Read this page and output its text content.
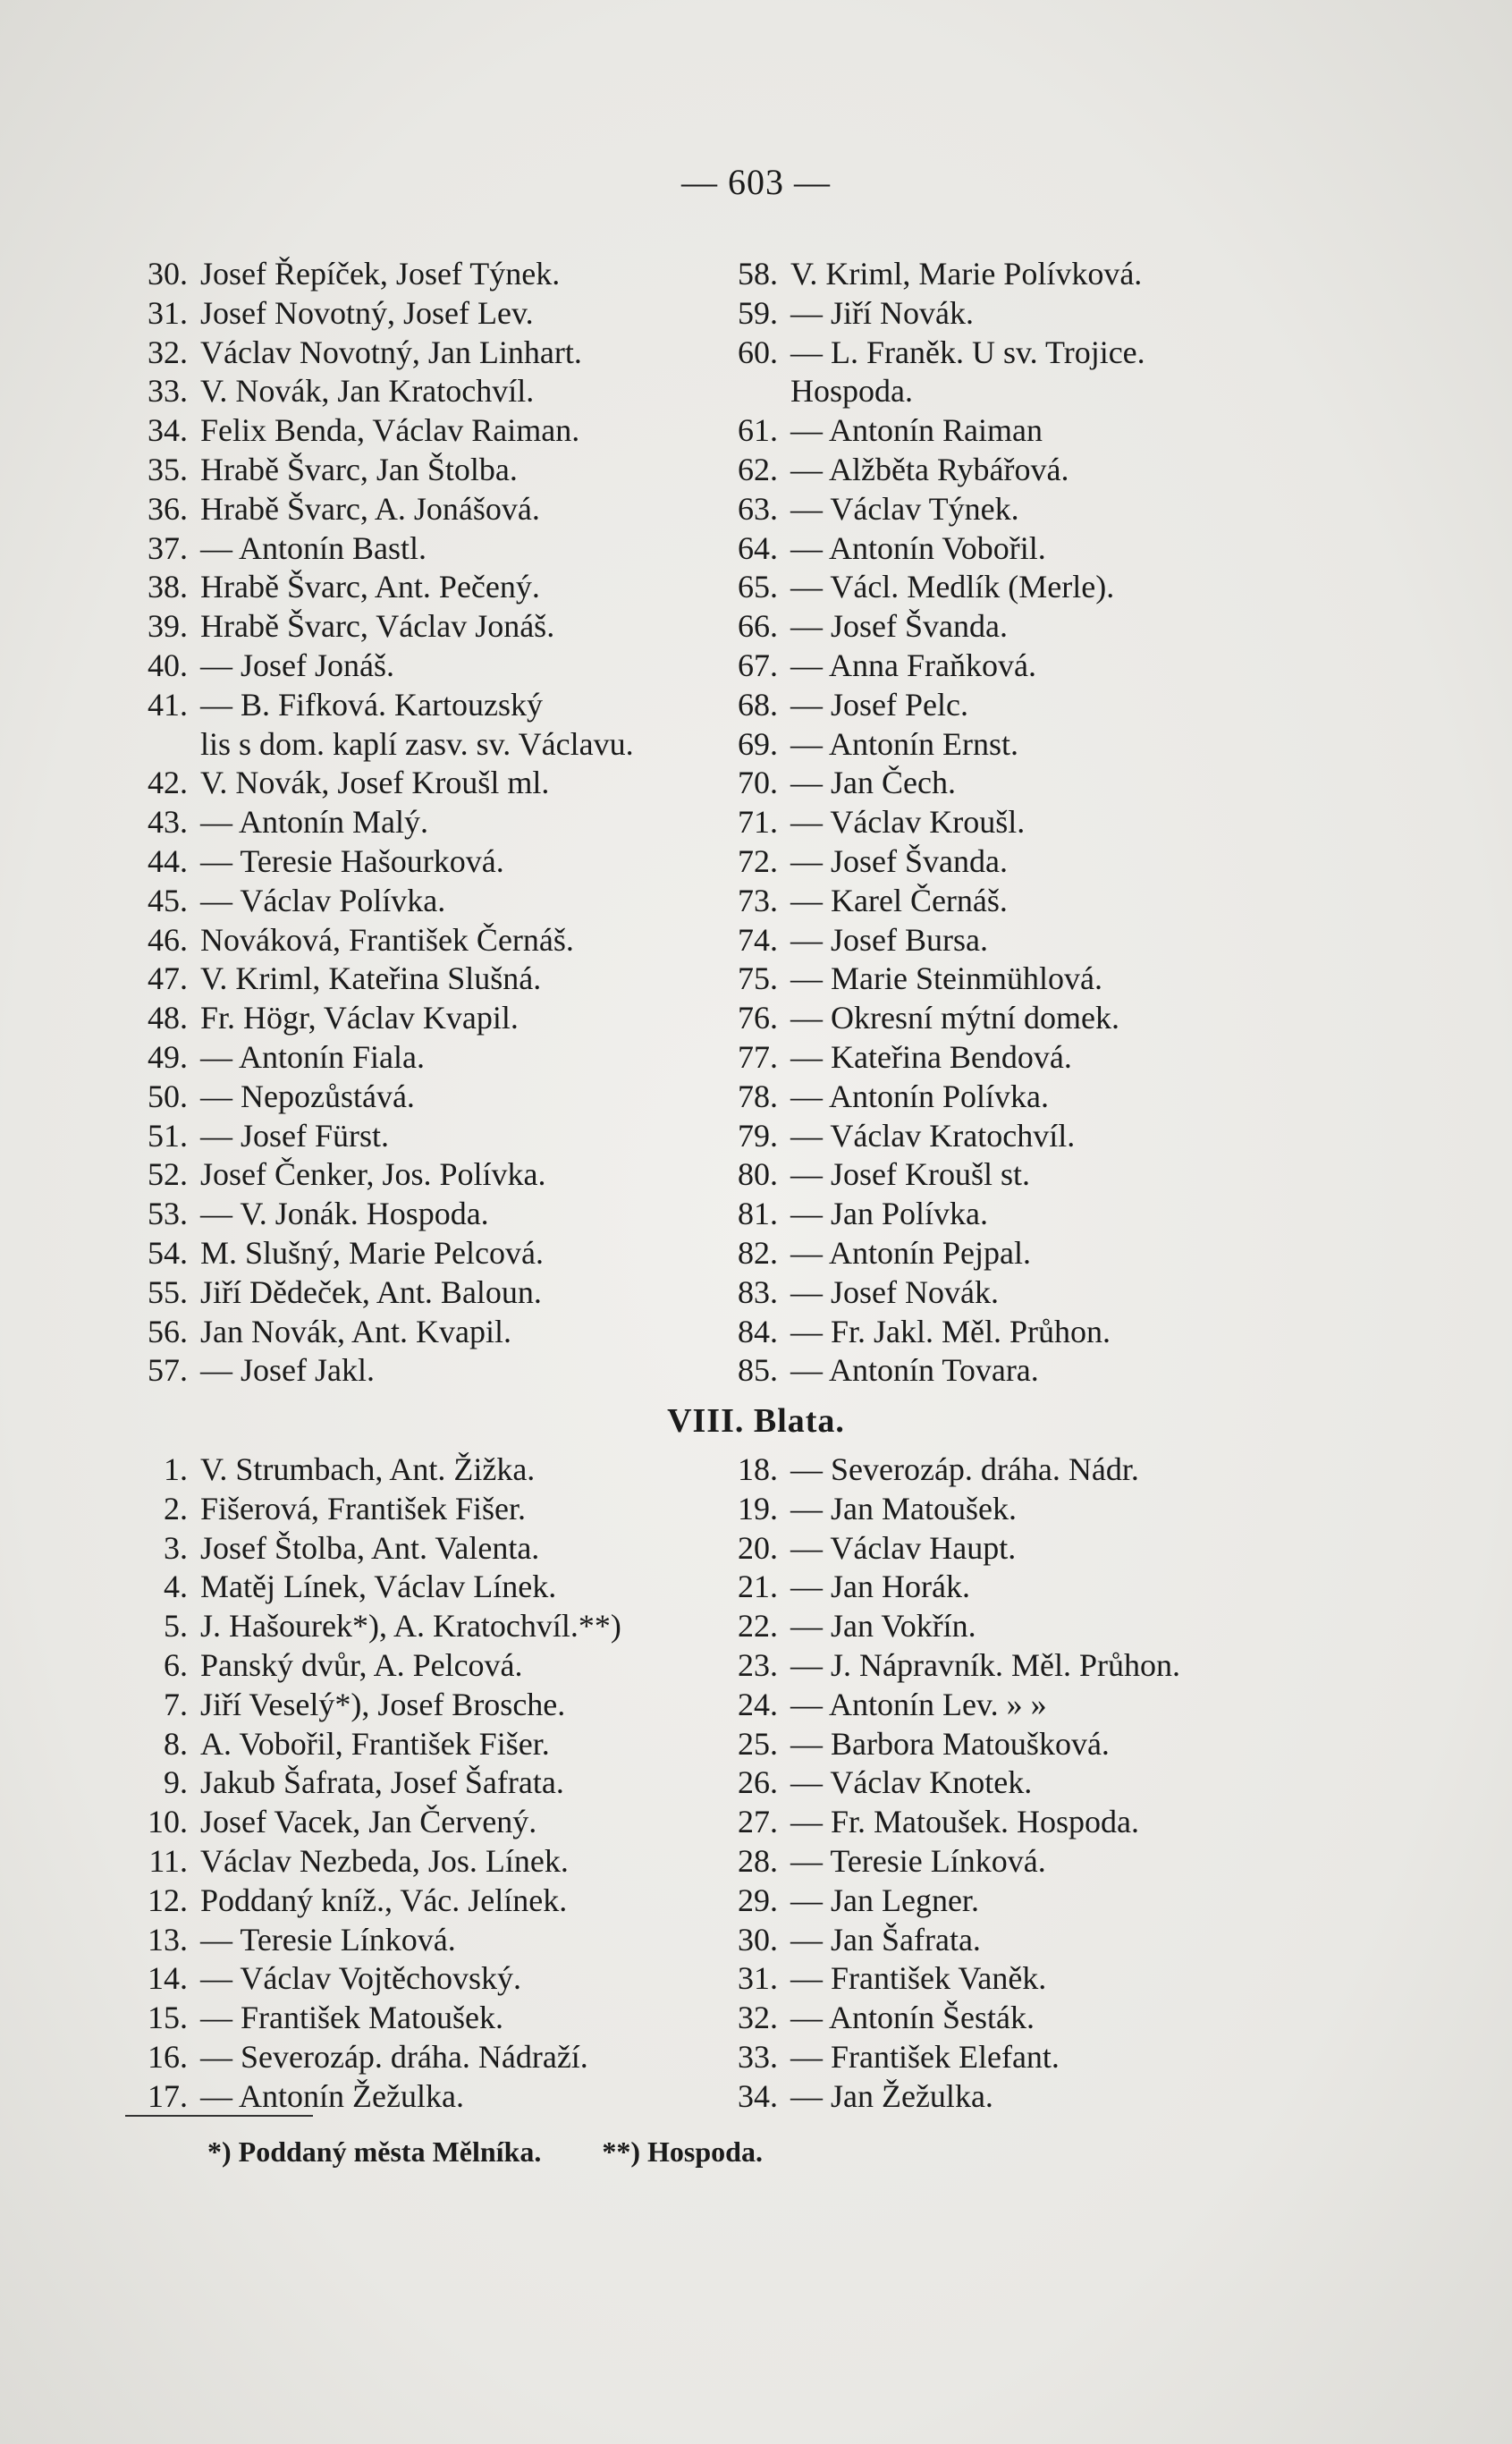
— 603 —
30. Josef Řepíček, Josef Týnek.
31. Josef Novotný, Josef Lev.
32. Václav Novotný, Jan Linhart.
33. V. Novák, Jan Kratochvíl.
34. Felix Benda, Václav Raiman.
35. Hrabě Švarc, Jan Štolba.
36. Hrabě Švarc, A. Jonášová.
37. — Antonín Bastl.
38. Hrabě Švarc, Ant. Pečený.
39. Hrabě Švarc, Václav Jonáš.
40. — Josef Jonáš.
41. — B. Fifková. Kartouzský
lis s dom. kaplí zasv. sv. Václavu.
42. V. Novák, Josef Kroušl ml.
43. — Antonín Malý.
44. — Teresie Hašourková.
45. — Václav Polívka.
46. Nováková, František Černáš.
47. V. Kriml, Kateřina Slušná.
48. Fr. Högr, Václav Kvapil.
49. — Antonín Fiala.
50. — Nepozůstává.
51. — Josef Fürst.
52. Josef Čenker, Jos. Polívka.
53. — V. Jonák. Hospoda.
54. M. Slušný, Marie Pelcová.
55. Jiří Dědeček, Ant. Baloun.
56. Jan Novák, Ant. Kvapil.
57. — Josef Jakl.
58. V. Kriml, Marie Polívková.
59. — Jiří Novák.
60. — L. Franěk. U sv. Trojice.
Hospoda.
61. — Antonín Raiman
62. — Alžběta Rybářová.
63. — Václav Týnek.
64. — Antonín Vobořil.
65. — Václ. Medlík (Merle).
66. — Josef Švanda.
67. — Anna Fraňková.
68. — Josef Pelc.
69. — Antonín Ernst.
70. — Jan Čech.
71. — Václav Kroušl.
72. — Josef Švanda.
73. — Karel Černáš.
74. — Josef Bursa.
75. — Marie Steinmühlová.
76. — Okresní mýtní domek.
77. — Kateřina Bendová.
78. — Antonín Polívka.
79. — Václav Kratochvíl.
80. — Josef Kroušl st.
81. — Jan Polívka.
82. — Antonín Pejpal.
83. — Josef Novák.
84. — Fr. Jakl. Měl. Průhon.
85. — Antonín Tovara.
VIII. Blata.
1. V. Strumbach, Ant. Žižka.
2. Fišerová, František Fišer.
3. Josef Štolba, Ant. Valenta.
4. Matěj Línek, Václav Línek.
5. J. Hašourek*), A. Kratochvíl.**)
6. Panský dvůr, A. Pelcová.
7. Jiří Veselý*), Josef Brosche.
8. A. Vobořil, František Fišer.
9. Jakub Šafrata, Josef Šafrata.
10. Josef Vacek, Jan Červený.
11. Václav Nezbeda, Jos. Línek.
12. Poddaný kníž., Vác. Jelínek.
13. — Teresie Línková.
14. — Václav Vojtěchovský.
15. — František Matoušek.
16. — Severozáp. dráha. Nádraží.
17. — Antonín Žežulka.
18. — Severozáp. dráha. Nádr.
19. — Jan Matoušek.
20. — Václav Haupt.
21. — Jan Horák.
22. — Jan Vokřín.
23. — J. Nápravník. Měl. Průhon.
24. — Antonín Lev. » »
25. — Barbora Matoušková.
26. — Václav Knotek.
27. — Fr. Matoušek. Hospoda.
28. — Teresie Línková.
29. — Jan Legner.
30. — Jan Šafrata.
31. — František Vaněk.
32. — Antonín Šesták.
33. — František Elefant.
34. — Jan Žežulka.
*) Poddaný města Mělníka. **) Hospoda.
